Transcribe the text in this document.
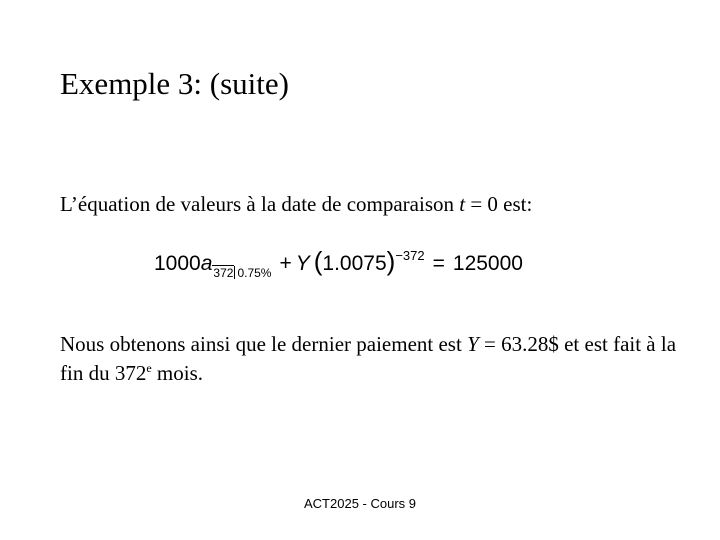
Exemple 3: (suite)
L’équation de valeurs à la date de comparaison t = 0 est:
1000 a 372 0.75% + Y ( 1.0075 ) −372 = 125000
Nous obtenons ainsi que le dernier paiement est Y = 63.28$ et est fait à la fin du 372e mois.
ACT2025 - Cours 9
